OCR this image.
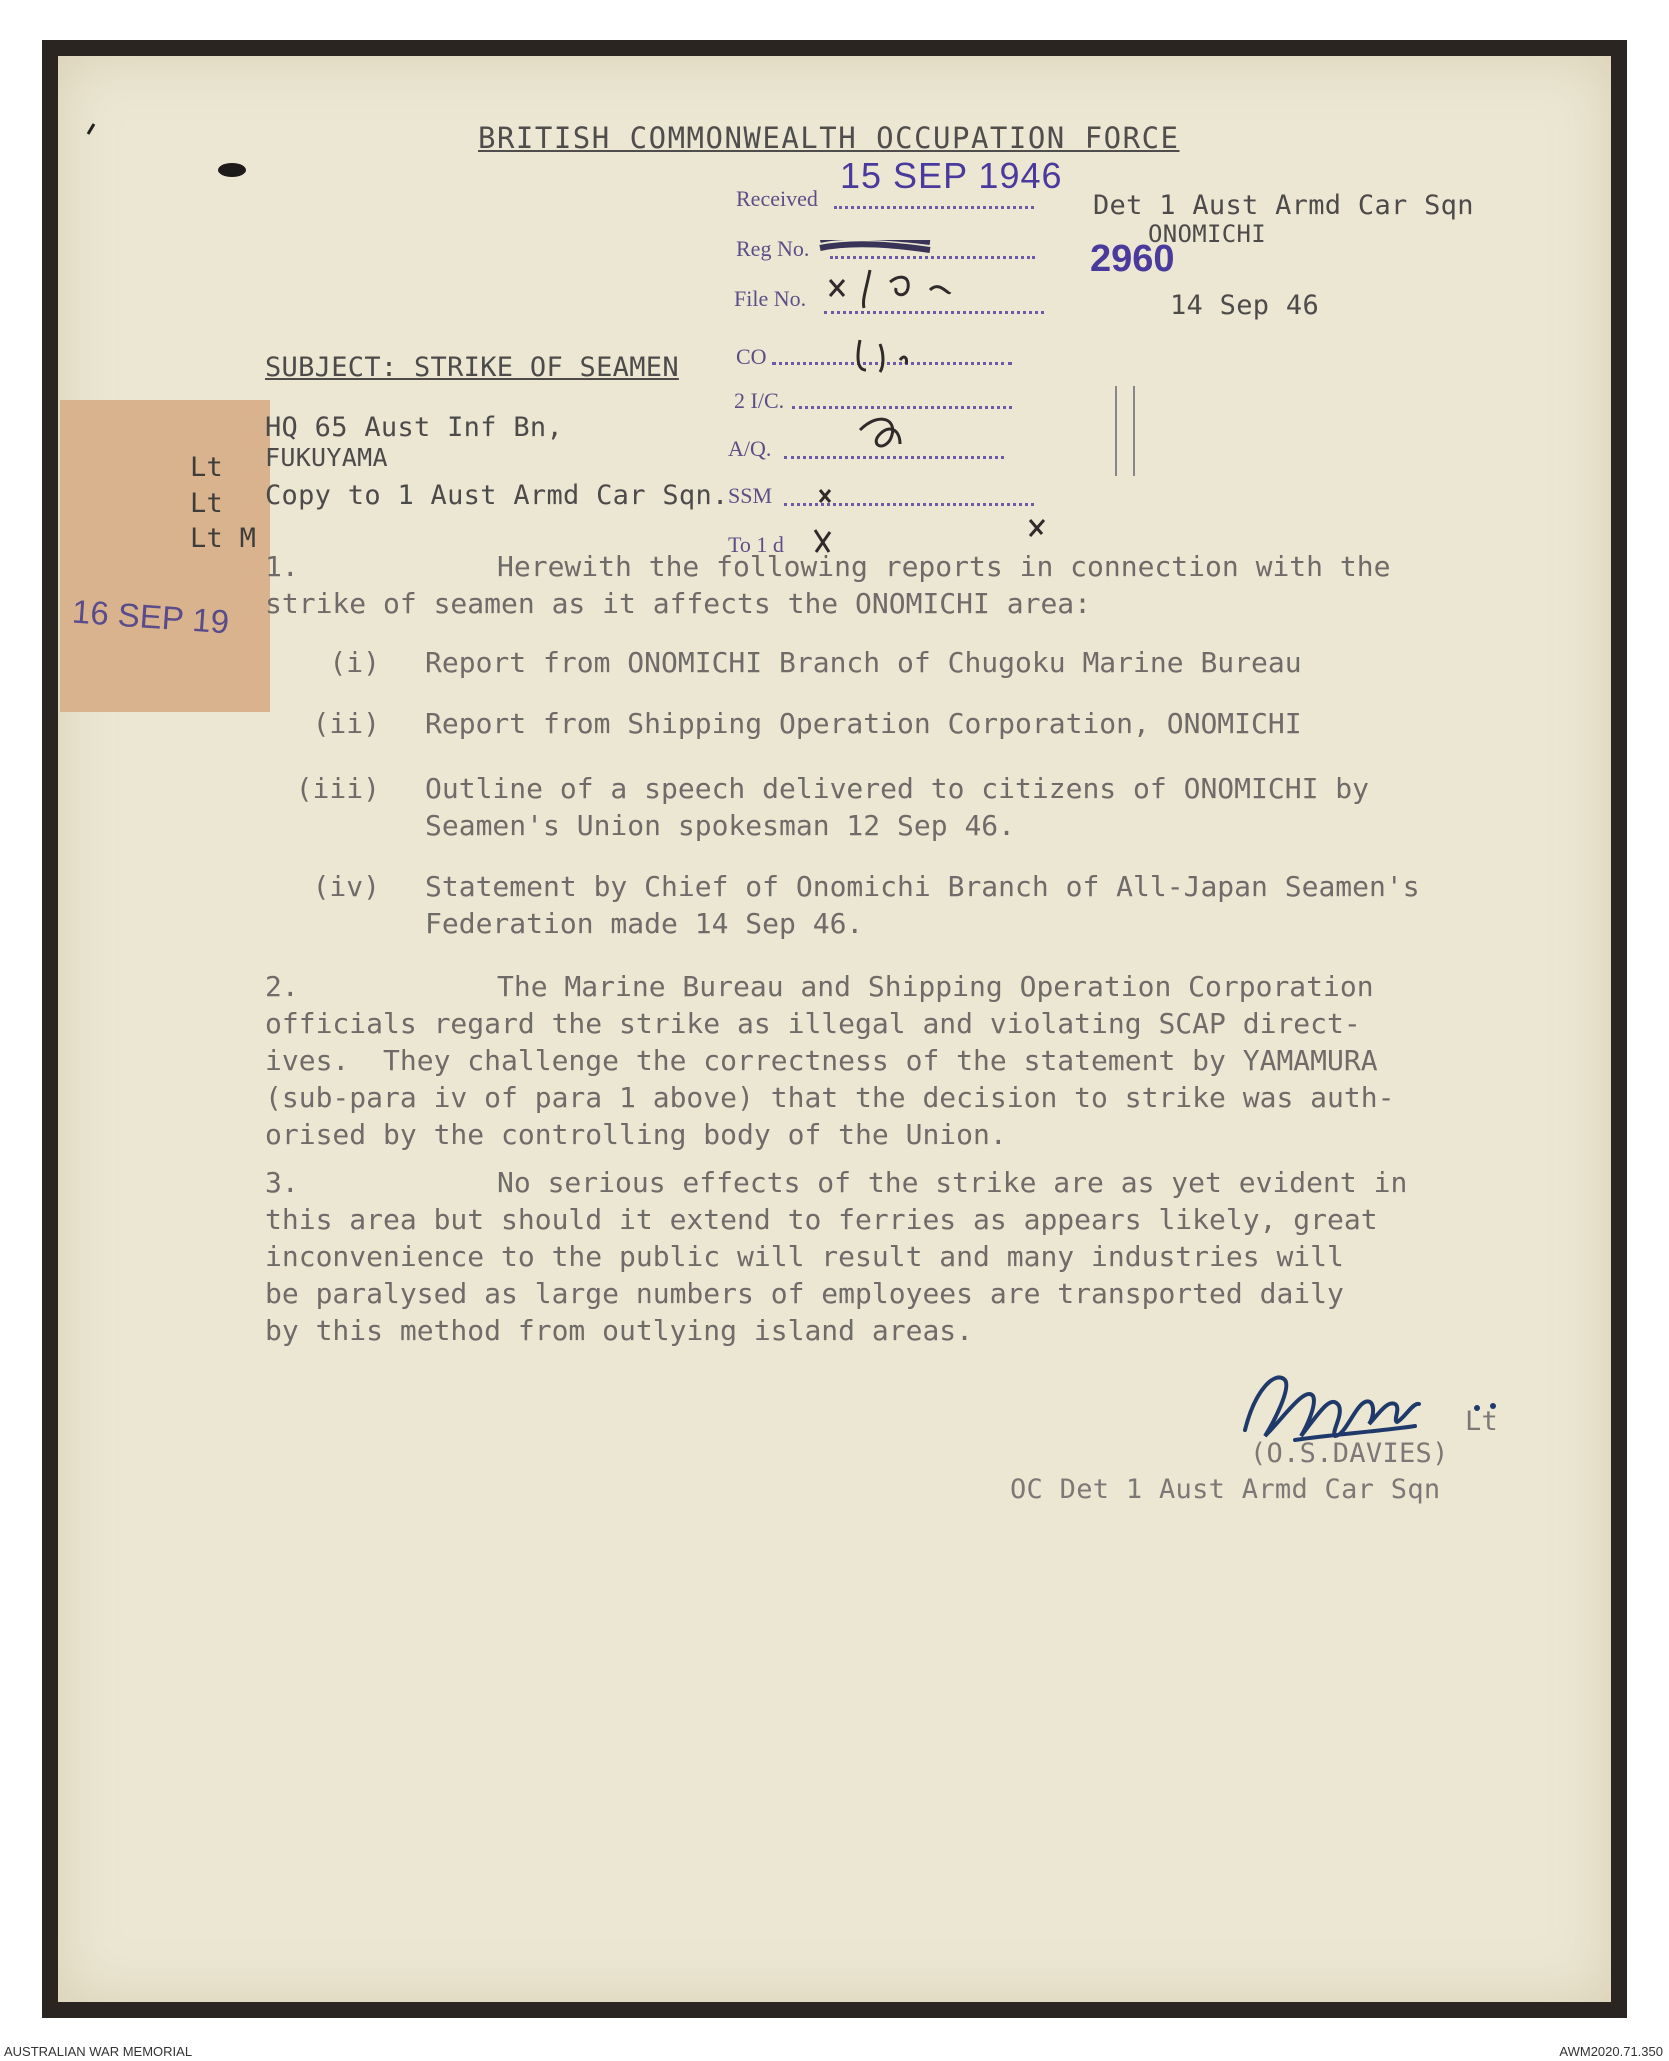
BRITISH COMMONWEALTH OCCUPATION FORCE
Received
15 SEP 1946
Reg No.	2960
File No.
CO
2 I/C.
A/Q.
SSM
To 1 d
Det 1 Aust Armd Car Sqn
ONOMICHI
14 Sep 46
SUBJECT: STRIKE OF SEAMEN
HQ 65 Aust Inf Bn,
FUKUYAMA
Copy to 1 Aust Armd Car Sqn.
Lt
Lt
Lt M
16 SEP 19
1.	Herewith the following reports in connection with the
strike of seamen as it affects the ONOMICHI area:
(i) Report from ONOMICHI Branch of Chugoku Marine Bureau
(ii) Report from Shipping Operation Corporation, ONOMICHI
(iii) Outline of a speech delivered to citizens of ONOMICHI by
Seamen's Union spokesman 12 Sep 46.
(iv) Statement by Chief of Onomichi Branch of All-Japan Seamen's
Federation made 14 Sep 46.
2.	The Marine Bureau and Shipping Operation Corporation
officials regard the strike as illegal and violating SCAP direct-
ives.  They challenge the correctness of the statement by YAMAMURA
(sub-para iv of para 1 above) that the decision to strike was auth-
orised by the controlling body of the Union.
3.	No serious effects of the strike are as yet evident in
this area but should it extend to ferries as appears likely, great
inconvenience to the public will result and many industries will
be paralysed as large numbers of employees are transported daily
by this method from outlying island areas.
Lt
(O.S.DAVIES)
OC Det 1 Aust Armd Car Sqn
AUSTRALIAN WAR MEMORIAL	AWM2020.71.350
